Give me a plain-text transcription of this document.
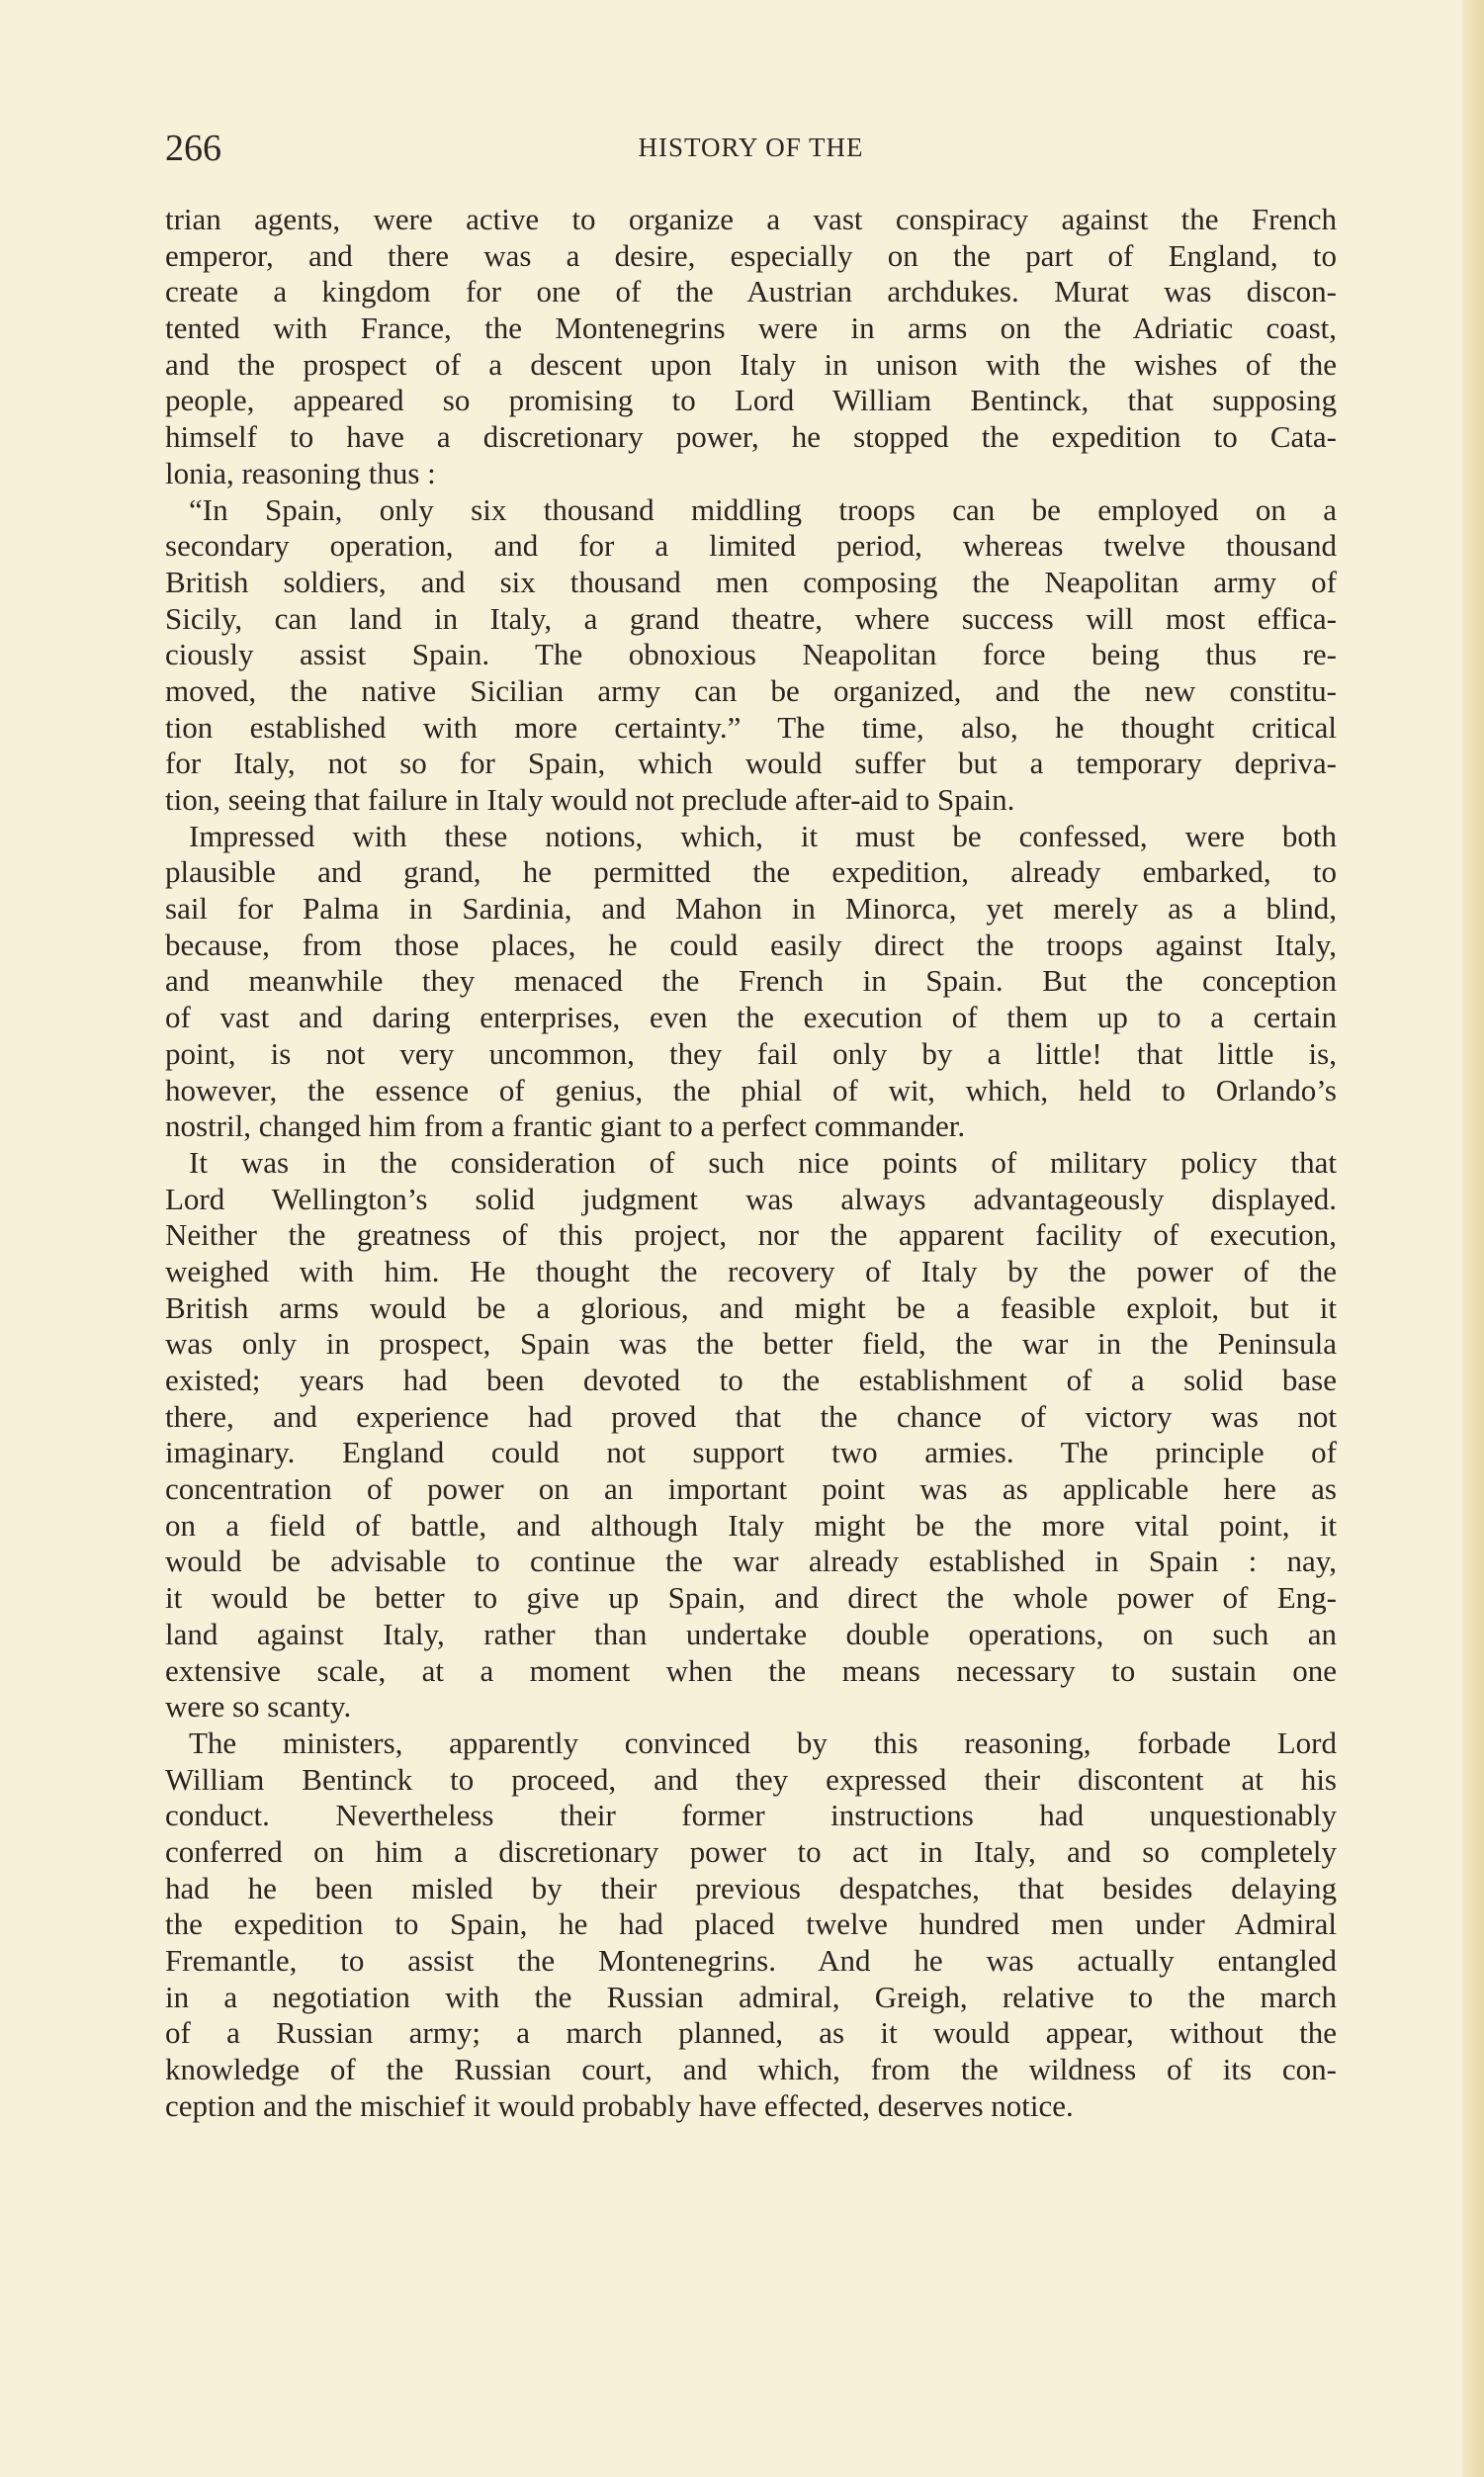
266	HISTORY OF THE
trian agents, were active to organize a vast conspiracy against the French
emperor, and there was a desire, especially on the part of England, to
create a kingdom for one of the Austrian archdukes. Murat was discon-
tented with France, the Montenegrins were in arms on the Adriatic coast,
and the prospect of a descent upon Italy in unison with the wishes of the
people, appeared so promising to Lord William Bentinck, that supposing
himself to have a discretionary power, he stopped the expedition to Cata-
lonia, reasoning thus :
“In Spain, only six thousand middling troops can be employed on a
secondary operation, and for a limited period, whereas twelve thousand
British soldiers, and six thousand men composing the Neapolitan army of
Sicily, can land in Italy, a grand theatre, where success will most effica-
ciously assist Spain. The obnoxious Neapolitan force being thus re-
moved, the native Sicilian army can be organized, and the new constitu-
tion established with more certainty.” The time, also, he thought critical
for Italy, not so for Spain, which would suffer but a temporary depriva-
tion, seeing that failure in Italy would not preclude after-aid to Spain.
Impressed with these notions, which, it must be confessed, were both
plausible and grand, he permitted the expedition, already embarked, to
sail for Palma in Sardinia, and Mahon in Minorca, yet merely as a blind,
because, from those places, he could easily direct the troops against Italy,
and meanwhile they menaced the French in Spain. But the conception
of vast and daring enterprises, even the execution of them up to a certain
point, is not very uncommon, they fail only by a little! that little is,
however, the essence of genius, the phial of wit, which, held to Orlando’s
nostril, changed him from a frantic giant to a perfect commander.
It was in the consideration of such nice points of military policy that
Lord Wellington’s solid judgment was always advantageously displayed.
Neither the greatness of this project, nor the apparent facility of execution,
weighed with him. He thought the recovery of Italy by the power of the
British arms would be a glorious, and might be a feasible exploit, but it
was only in prospect, Spain was the better field, the war in the Peninsula
existed; years had been devoted to the establishment of a solid base
there, and experience had proved that the chance of victory was not
imaginary. England could not support two armies. The principle of
concentration of power on an important point was as applicable here as
on a field of battle, and although Italy might be the more vital point, it
would be advisable to continue the war already established in Spain : nay,
it would be better to give up Spain, and direct the whole power of Eng-
land against Italy, rather than undertake double operations, on such an
extensive scale, at a moment when the means necessary to sustain one
were so scanty.
The ministers, apparently convinced by this reasoning, forbade Lord
William Bentinck to proceed, and they expressed their discontent at his
conduct. Nevertheless their former instructions had unquestionably
conferred on him a discretionary power to act in Italy, and so completely
had he been misled by their previous despatches, that besides delaying
the expedition to Spain, he had placed twelve hundred men under Admiral
Fremantle, to assist the Montenegrins. And he was actually entangled
in a negotiation with the Russian admiral, Greigh, relative to the march
of a Russian army; a march planned, as it would appear, without the
knowledge of the Russian court, and which, from the wildness of its con-
ception and the mischief it would probably have effected, deserves notice.
